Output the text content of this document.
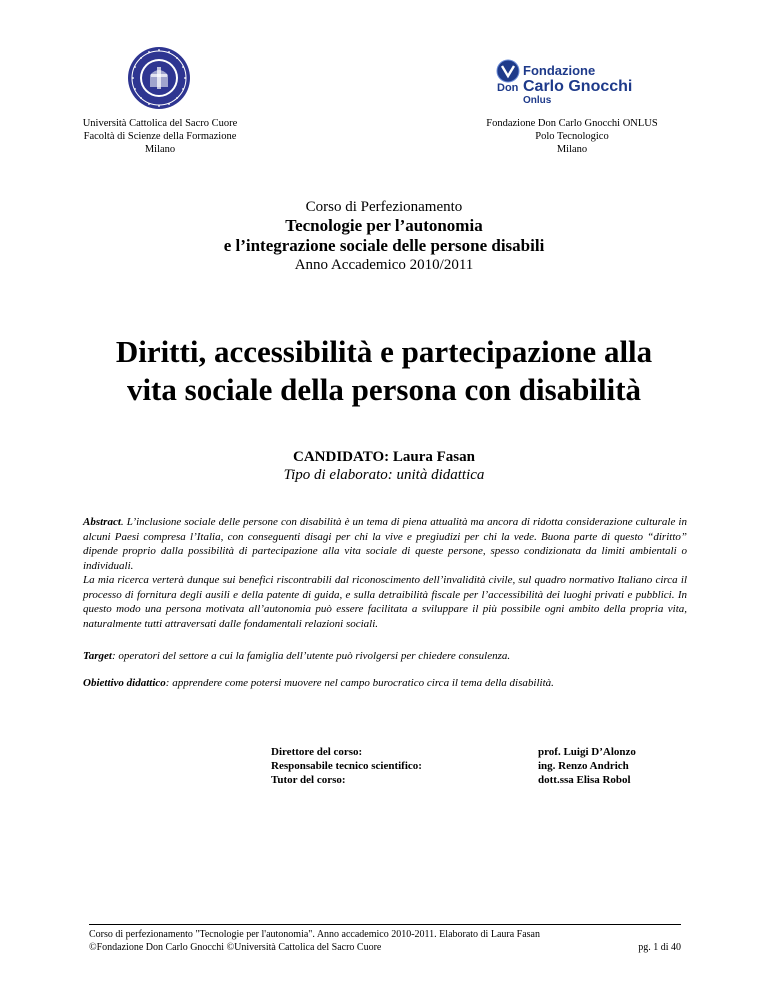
Fondazione
Don Carlo Gnocchi
Onlus
Università Cattolica del Sacro Cuore
Facoltà di Scienze della Formazione
Milano
Fondazione Don Carlo Gnocchi ONLUS
Polo Tecnologico
Milano
Corso di Perfezionamento
Tecnologie per l’autonomia
e l’integrazione sociale delle persone disabili
Anno Accademico 2010/2011
Diritti, accessibilità e partecipazione alla
vita sociale della persona con disabilità
CANDIDATO: Laura Fasan
Tipo di elaborato: unità didattica
Abstract. L’inclusione sociale delle persone con disabilità è un tema di piena attualità ma ancora di ridotta considerazione culturale in alcuni Paesi compresa l’Italia, con conseguenti disagi per chi la vive e pregiudizi per chi la vede. Buona parte di questo “diritto” dipende proprio dalla possibilità di partecipazione alla vita sociale di queste persone, spesso condizionata da limiti ambientali o individuali.
La mia ricerca verterà dunque sui benefici riscontrabili dal riconoscimento dell’invalidità civile, sul quadro normativo Italiano circa il processo di fornitura degli ausili e della patente di guida, e sulla detraibilità fiscale per l’accessibilità dei luoghi privati e pubblici. In questo modo una persona motivata all’autonomia può essere facilitata a sviluppare il più possibile ogni ambito della propria vita, naturalmente tutti attraversati dalle fondamentali relazioni sociali.
Target: operatori del settore a cui la famiglia dell’utente può rivolgersi per chiedere consulenza.
Obiettivo didattico: apprendere come potersi muovere nel campo burocratico circa il tema della disabilità.
Direttore del corso:	prof. Luigi D’Alonzo
Responsabile tecnico scientifico:	ing. Renzo Andrich
Tutor del corso:	dott.ssa Elisa Robol
Corso di perfezionamento "Tecnologie per l'autonomia". Anno accademico 2010-2011. Elaborato di Laura Fasan
©Fondazione Don Carlo Gnocchi ©Università Cattolica del Sacro Cuore	pg. 1 di 40
